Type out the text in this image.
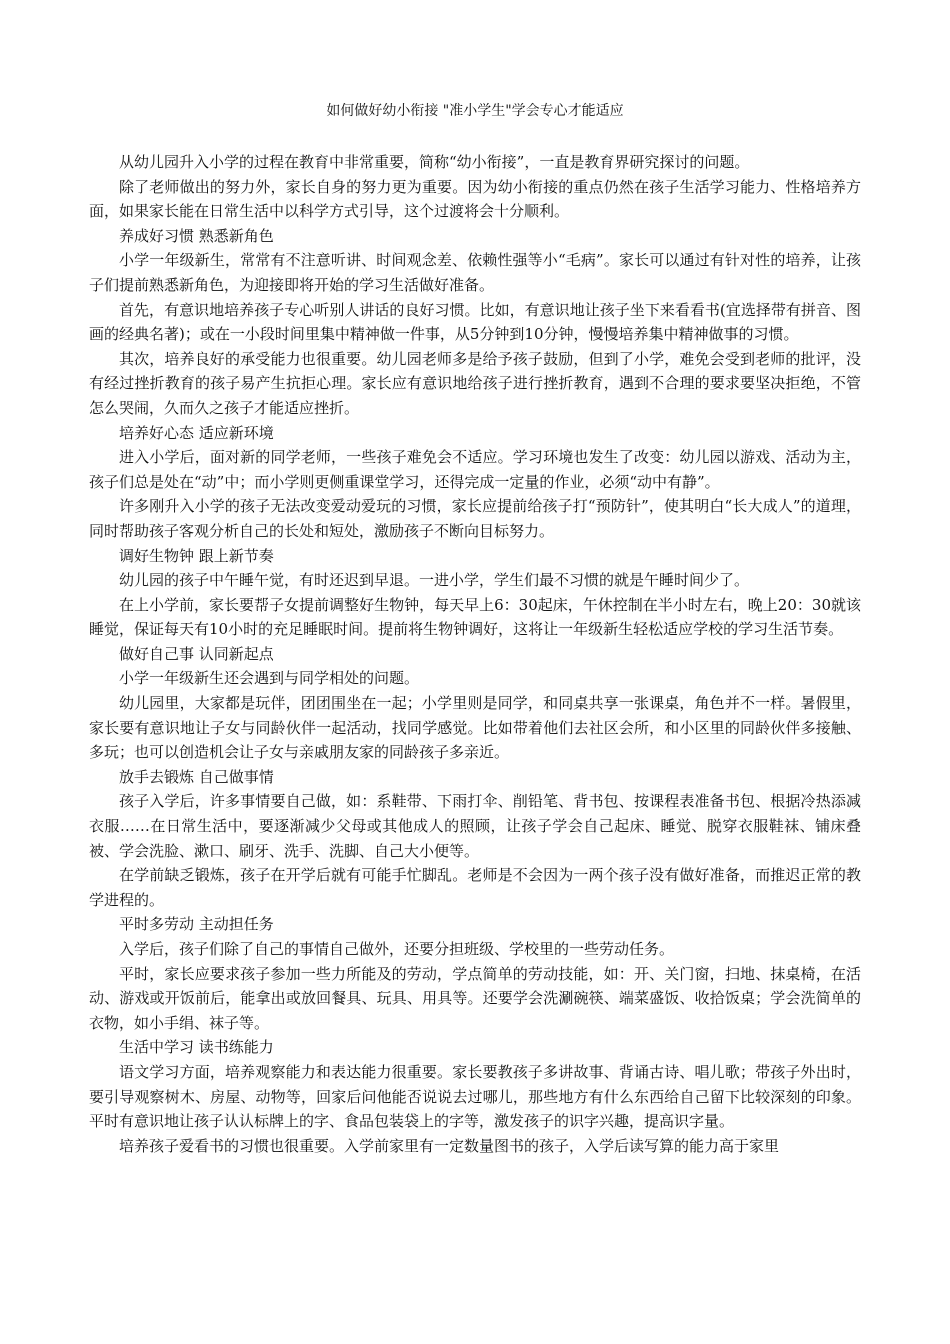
如何做好幼小衔接 "准小学生"学会专心才能适应

从幼儿园升入小学的过程在教育中非常重要，简称“幼小衔接”，一直是教育界研究探讨的问题。

除了老师做出的努力外，家长自身的努力更为重要。因为幼小衔接的重点仍然在孩子生活学习能力、性格培养方面，如果家长能在日常生活中以科学方式引导，这个过渡将会十分顺利。

养成好习惯 熟悉新角色

小学一年级新生，常常有不注意听讲、时间观念差、依赖性强等小“毛病”。家长可以通过有针对性的培养，让孩子们提前熟悉新角色，为迎接即将开始的学习生活做好准备。

首先，有意识地培养孩子专心听别人讲话的良好习惯。比如，有意识地让孩子坐下来看看书(宜选择带有拼音、图画的经典名著)；或在一小段时间里集中精神做一件事，从5分钟到10分钟，慢慢培养集中精神做事的习惯。

其次，培养良好的承受能力也很重要。幼儿园老师多是给予孩子鼓励，但到了小学，难免会受到老师的批评，没有经过挫折教育的孩子易产生抗拒心理。家长应有意识地给孩子进行挫折教育，遇到不合理的要求要坚决拒绝，不管怎么哭闹，久而久之孩子才能适应挫折。

培养好心态 适应新环境

进入小学后，面对新的同学老师，一些孩子难免会不适应。学习环境也发生了改变：幼儿园以游戏、活动为主，孩子们总是处在“动”中；而小学则更侧重课堂学习，还得完成一定量的作业，必须“动中有静”。

许多刚升入小学的孩子无法改变爱动爱玩的习惯，家长应提前给孩子打“预防针”，使其明白“长大成人”的道理，同时帮助孩子客观分析自己的长处和短处，激励孩子不断向目标努力。

调好生物钟 跟上新节奏

幼儿园的孩子中午睡午觉，有时还迟到早退。一进小学，学生们最不习惯的就是午睡时间少了。

在上小学前，家长要帮子女提前调整好生物钟，每天早上6：30起床，午休控制在半小时左右，晚上20：30就该睡觉，保证每天有10小时的充足睡眠时间。提前将生物钟调好，这将让一年级新生轻松适应学校的学习生活节奏。

做好自己事 认同新起点

小学一年级新生还会遇到与同学相处的问题。

幼儿园里，大家都是玩伴，团团围坐在一起；小学里则是同学，和同桌共享一张课桌，角色并不一样。暑假里，家长要有意识地让子女与同龄伙伴一起活动，找同学感觉。比如带着他们去社区会所，和小区里的同龄伙伴多接触、多玩；也可以创造机会让子女与亲戚朋友家的同龄孩子多亲近。

放手去锻炼 自己做事情

孩子入学后，许多事情要自己做，如：系鞋带、下雨打伞、削铅笔、背书包、按课程表准备书包、根据冷热添减衣服……在日常生活中，要逐渐减少父母或其他成人的照顾，让孩子学会自己起床、睡觉、脱穿衣服鞋袜、铺床叠被、学会洗脸、漱口、刷牙、洗手、洗脚、自己大小便等。

在学前缺乏锻炼，孩子在开学后就有可能手忙脚乱。老师是不会因为一两个孩子没有做好准备，而推迟正常的教学进程的。

平时多劳动 主动担任务

入学后，孩子们除了自己的事情自己做外，还要分担班级、学校里的一些劳动任务。

平时，家长应要求孩子参加一些力所能及的劳动，学点简单的劳动技能，如：开、关门窗，扫地、抹桌椅，在活动、游戏或开饭前后，能拿出或放回餐具、玩具、用具等。还要学会洗涮碗筷、端菜盛饭、收拾饭桌；学会洗简单的衣物，如小手绢、袜子等。

生活中学习 读书练能力

语文学习方面，培养观察能力和表达能力很重要。家长要教孩子多讲故事、背诵古诗、唱儿歌；带孩子外出时，要引导观察树木、房屋、动物等，回家后问他能否说说去过哪儿，那些地方有什么东西给自己留下比较深刻的印象。平时有意识地让孩子认认标牌上的字、食品包装袋上的字等，激发孩子的识字兴趣，提高识字量。

培养孩子爱看书的习惯也很重要。入学前家里有一定数量图书的孩子，入学后读写算的能力高于家里
